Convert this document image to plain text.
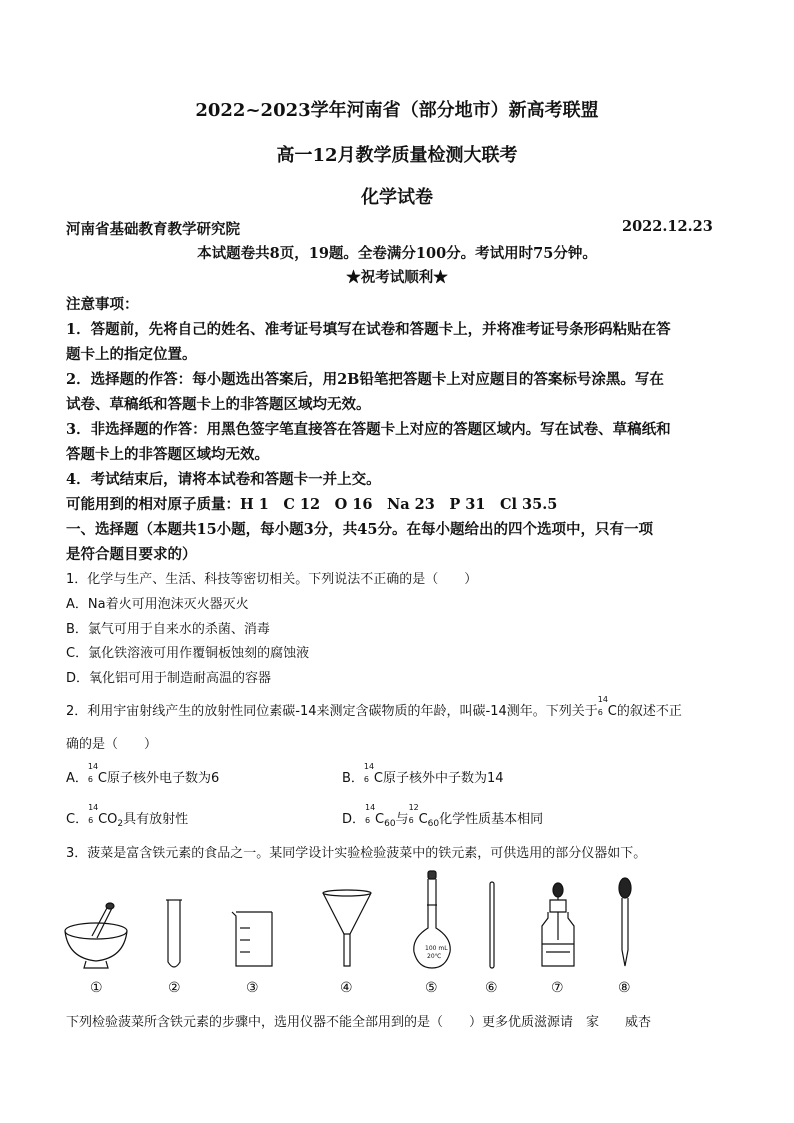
2022~2023学年河南省（部分地市）新高考联盟
高一12月教学质量检测大联考
化学试卷
河南省基础教育教学研究院	2022.12.23
本试题卷共8页，19题。全卷满分100分。考试用时75分钟。
★祝考试顺利★
注意事项：
1．答题前，先将自己的姓名、准考证号填写在试卷和答题卡上，并将准考证号条形码粘贴在答
题卡上的指定位置。
2．选择题的作答：每小题选出答案后，用2B铅笔把答题卡上对应题目的答案标号涂黑。写在
试卷、草稿纸和答题卡上的非答题区域均无效。
3．非选择题的作答：用黑色签字笔直接答在答题卡上对应的答题区域内。写在试卷、草稿纸和
答题卡上的非答题区域均无效。
4．考试结束后，请将本试卷和答题卡一并上交。
可能用到的相对原子质量：H 1　C 12　O 16　Na 23　P 31　Cl 35.5
一、选择题（本题共15小题，每小题3分，共45分。在每小题给出的四个选项中，只有一项
是符合题目要求的）
1．化学与生产、生活、科技等密切相关。下列说法不正确的是（　　）
A．Na着火可用泡沫灭火器灭火
B．氯气可用于自来水的杀菌、消毒
C．氯化铁溶液可用作覆铜板蚀刻的腐蚀液
D．氧化铝可用于制造耐高温的容器
2．利用宇宙射线产生的放射性同位素碳-14来测定含碳物质的年龄，叫碳-14测年。下列关于
14
6 C的叙述不正
确的是（　　）
A．
14
6 C原子核外电子数为6	B．
14
6 C原子核外中子数为14
C．
14
6 $CO_2$具有放射性	D．
14
6 $C_{60}$与
12
6 $C_{60}$化学性质基本相同
3．菠菜是富含铁元素的食品之一。某同学设计实验检验菠菜中的铁元素，可供选用的部分仪器如下。
100 mL
20℃
①	②	③	④	⑤	⑥	⑦	⑧
下列检验菠菜所含铁元素的步骤中，选用仪器不能全部用到的是（　　）更多优质滋源请　家　　威杏
